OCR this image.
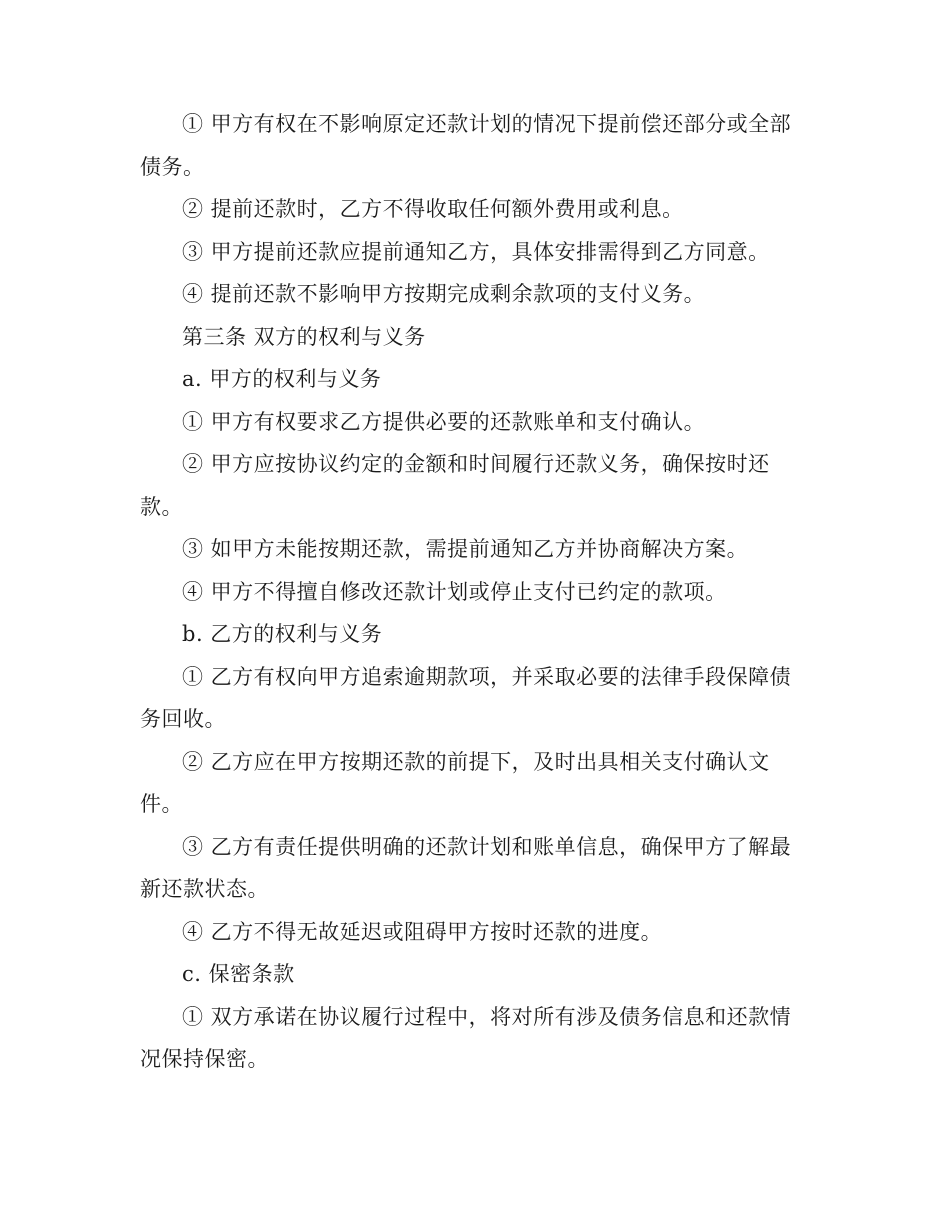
① 甲方有权在不影响原定还款计划的情况下提前偿还部分或全部债务。

② 提前还款时，乙方不得收取任何额外费用或利息。

③ 甲方提前还款应提前通知乙方，具体安排需得到乙方同意。

④ 提前还款不影响甲方按期完成剩余款项的支付义务。

第三条 双方的权利与义务

a. 甲方的权利与义务

① 甲方有权要求乙方提供必要的还款账单和支付确认。

② 甲方应按协议约定的金额和时间履行还款义务，确保按时还款。

③ 如甲方未能按期还款，需提前通知乙方并协商解决方案。

④ 甲方不得擅自修改还款计划或停止支付已约定的款项。

b. 乙方的权利与义务

① 乙方有权向甲方追索逾期款项，并采取必要的法律手段保障债务回收。

② 乙方应在甲方按期还款的前提下，及时出具相关支付确认文件。

③ 乙方有责任提供明确的还款计划和账单信息，确保甲方了解最新还款状态。

④ 乙方不得无故延迟或阻碍甲方按时还款的进度。

c. 保密条款

① 双方承诺在协议履行过程中，将对所有涉及债务信息和还款情况保持保密。
